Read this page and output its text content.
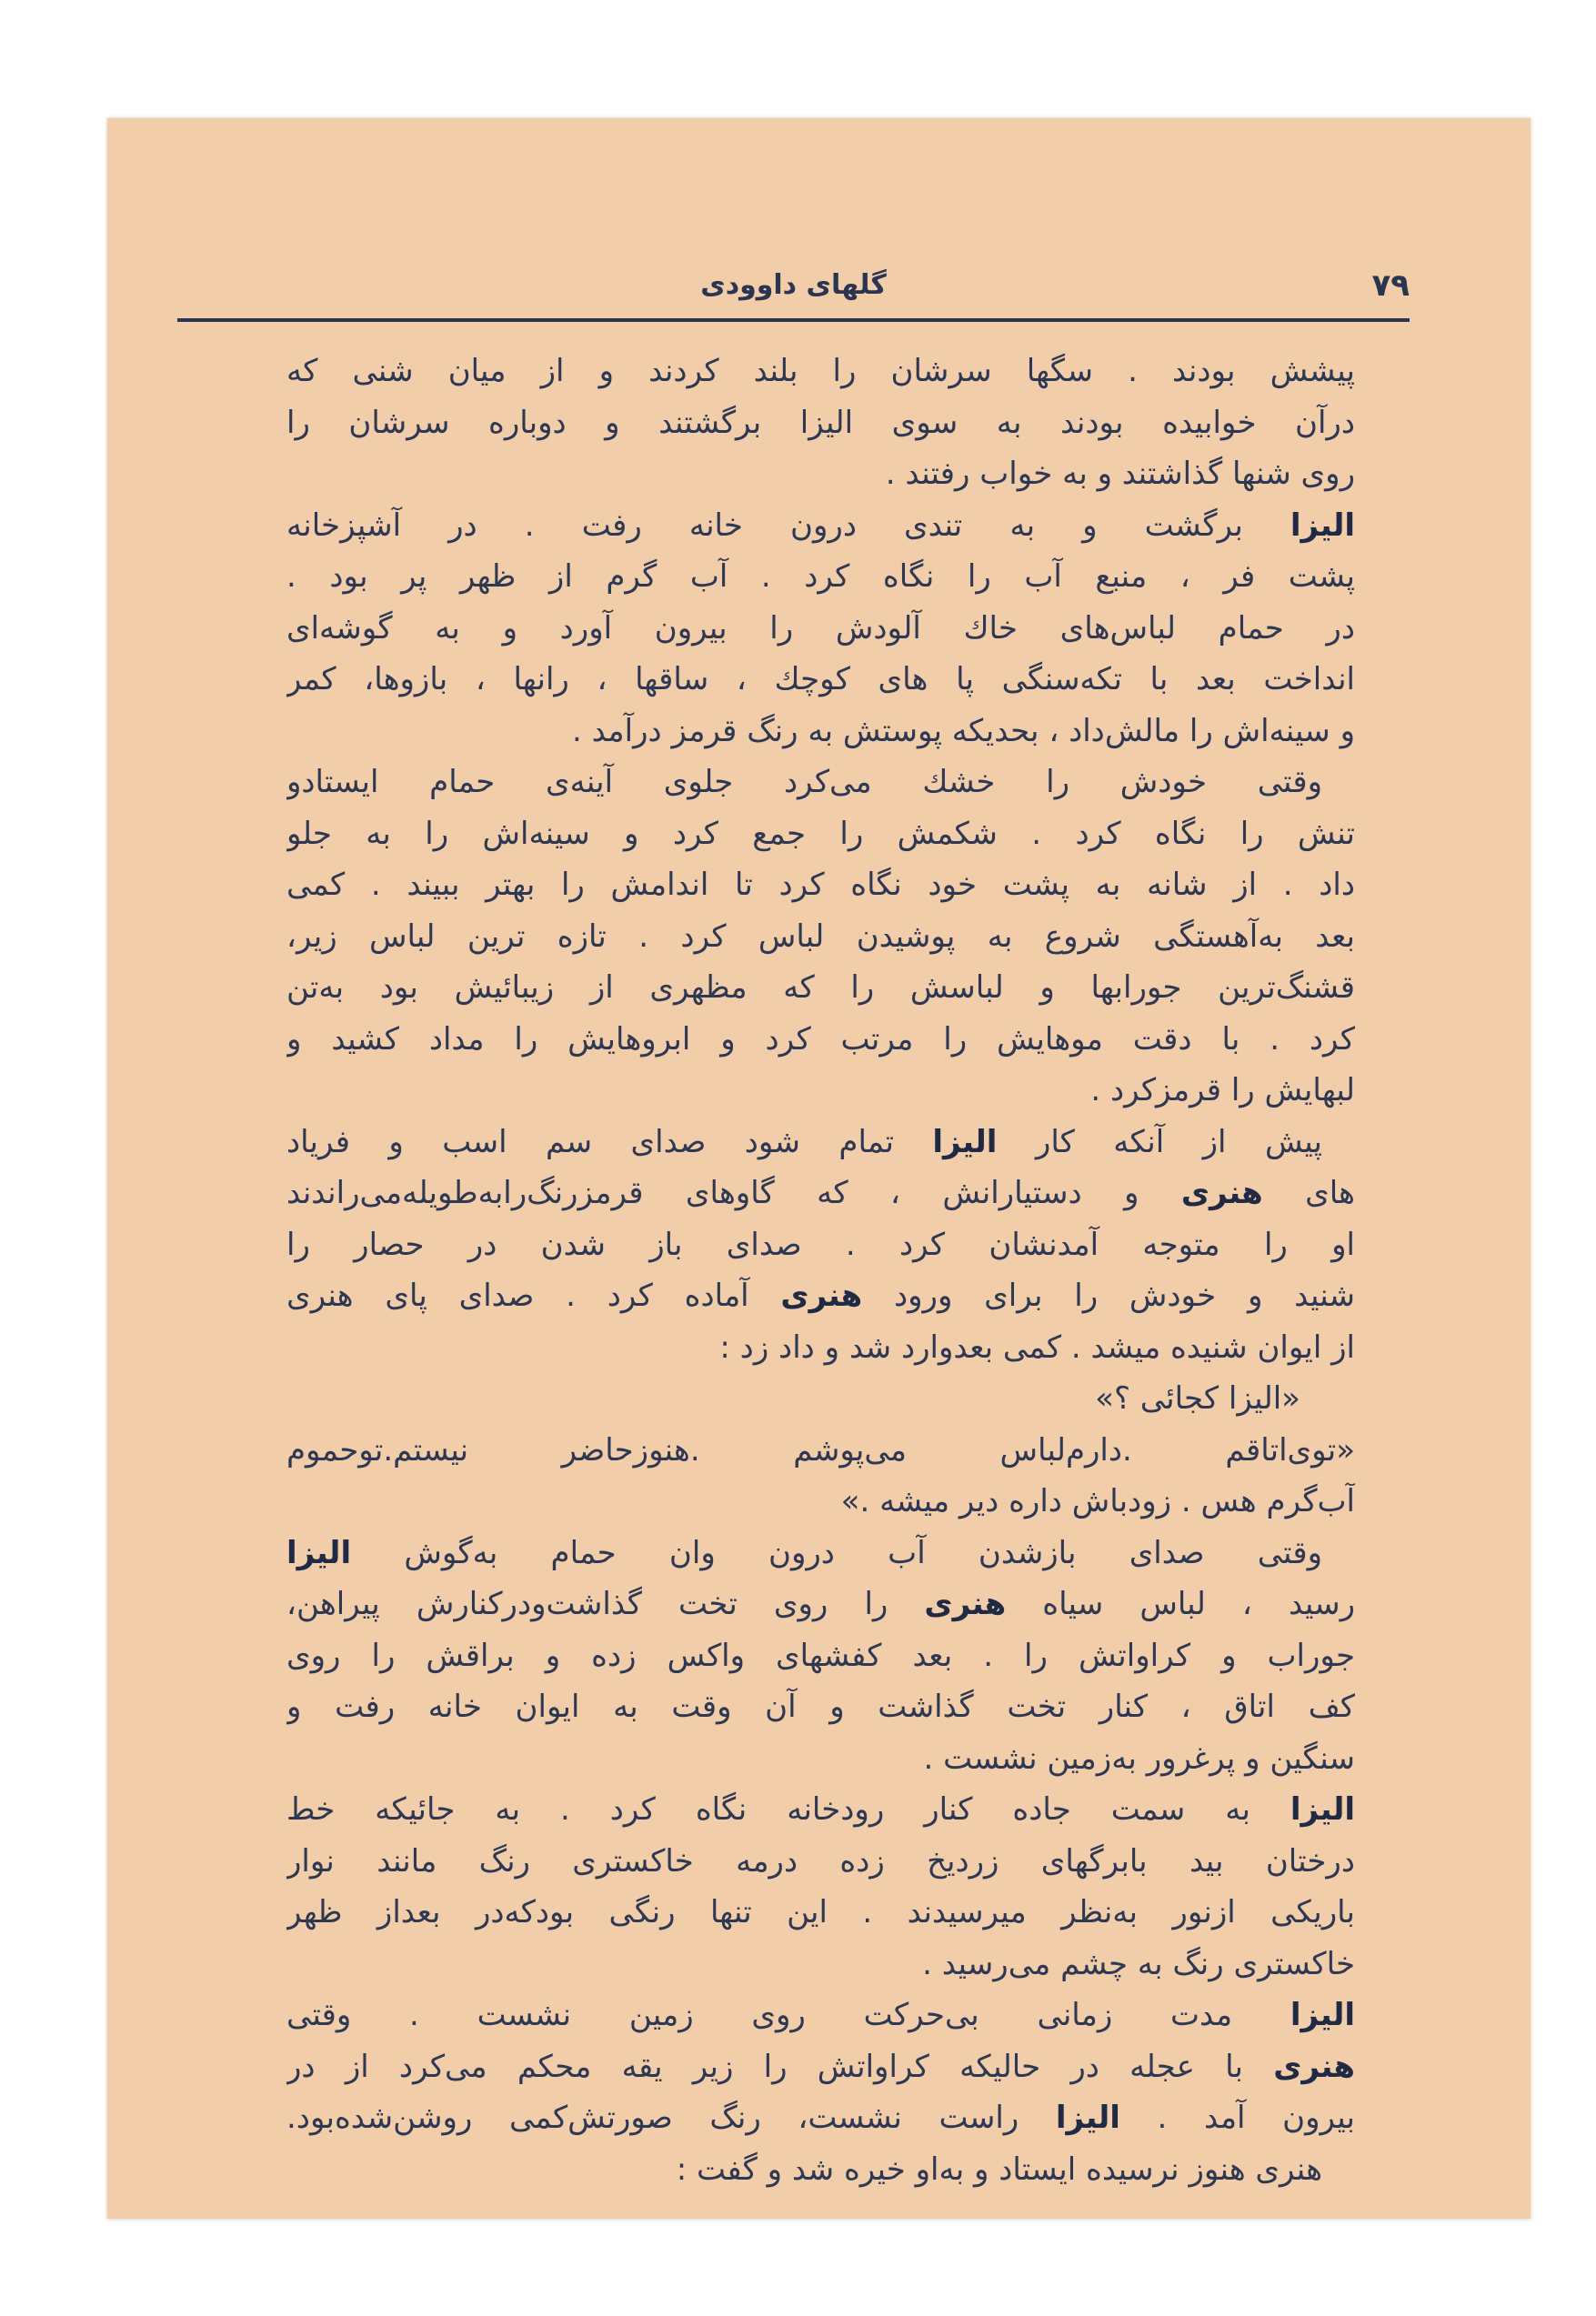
۷۹
گلهای داوودی
پیشش بودند . سگها سرشان را بلند کردند و از میان شنی که
درآن خوابیده بودند به سوی الیزا برگشتند و دوباره سرشان را
روی شنها گذاشتند و به خواب رفتند .
الیزا برگشت و به تندی درون خانه رفت . در آشپزخانه
پشت فر ، منبع آب را نگاه کرد . آب گرم از ظهر پر بود .
در حمام لباس‌های خاك آلودش را بیرون آورد و به گوشه‌ای
انداخت بعد با تکه‌سنگی پا های کوچك ، ساقها ، رانها ، بازوها، کمر
و سینه‌اش را مالش‌داد ، بحدیکه پوستش به رنگ قرمز درآمد .
وقتی خودش را خشك می‌کرد جلوی آینه‌ی حمام ایستادو
تنش را نگاه کرد . شکمش را جمع کرد و سینه‌اش را به جلو
داد . از شانه به پشت خود نگاه کرد تا اندامش را بهتر ببیند . کمی
بعد به‌آهستگی شروع به پوشیدن لباس کرد . تازه ترین لباس زیر،
قشنگ‌ترین جورابها و لباسش را که مظهری از زیبائیش بود به‌تن
کرد . با دقت موهایش را مرتب کرد و ابروهایش را مداد کشید و
لبهایش را قرمزکرد .
پیش از آنکه کار الیزا تمام شود صدای سم اسب و فریاد
های هنری و دستیارانش ، که گاوهای قرمزرنگ‌رابه‌طویله‌می‌راندند
او را متوجه آمدنشان کرد . صدای باز شدن در حصار را
شنید و خودش را برای ورود هنری آماده کرد . صدای پای هنری
از ایوان شنیده میشد . کمی بعدوارد شد و داد زد :
«الیزا کجائی ؟»
«توی‌اتاقم .دارم‌لباس می‌پوشم .هنوزحاضر نیستم.توحموم
آب‌گرم هس . زودباش داره دیر میشه .»
وقتی صدای بازشدن آب درون وان حمام به‌گوش الیزا
رسید ، لباس سیاه هنری را روی تخت گذاشت‌ودرکنارش پیراهن،
جوراب و کراواتش را . بعد کفشهای واکس زده و براقش را روی
کف اتاق ، کنار تخت گذاشت و آن وقت به ایوان خانه رفت و
سنگین و پرغرور به‌زمین نشست .
الیزا به سمت جاده کنار رودخانه نگاه کرد . به جائیکه خط
درختان بید بابرگهای زردیخ زده درمه خاکستری رنگ مانند نوار
باریکی ازنور به‌نظر میرسیدند . این تنها رنگی بودکه‌در بعداز ظهر
خاکستری رنگ به چشم می‌رسید .
الیزا مدت زمانی بی‌حرکت روی زمین نشست . وقتی
هنری با عجله در حالیکه کراواتش را زیر یقه محکم می‌کرد از در
بیرون آمد . الیزا راست نشست، رنگ صورتش‌کمی روشن‌شده‌بود.
هنری هنوز نرسیده ایستاد و به‌او خیره شد و گفت :
